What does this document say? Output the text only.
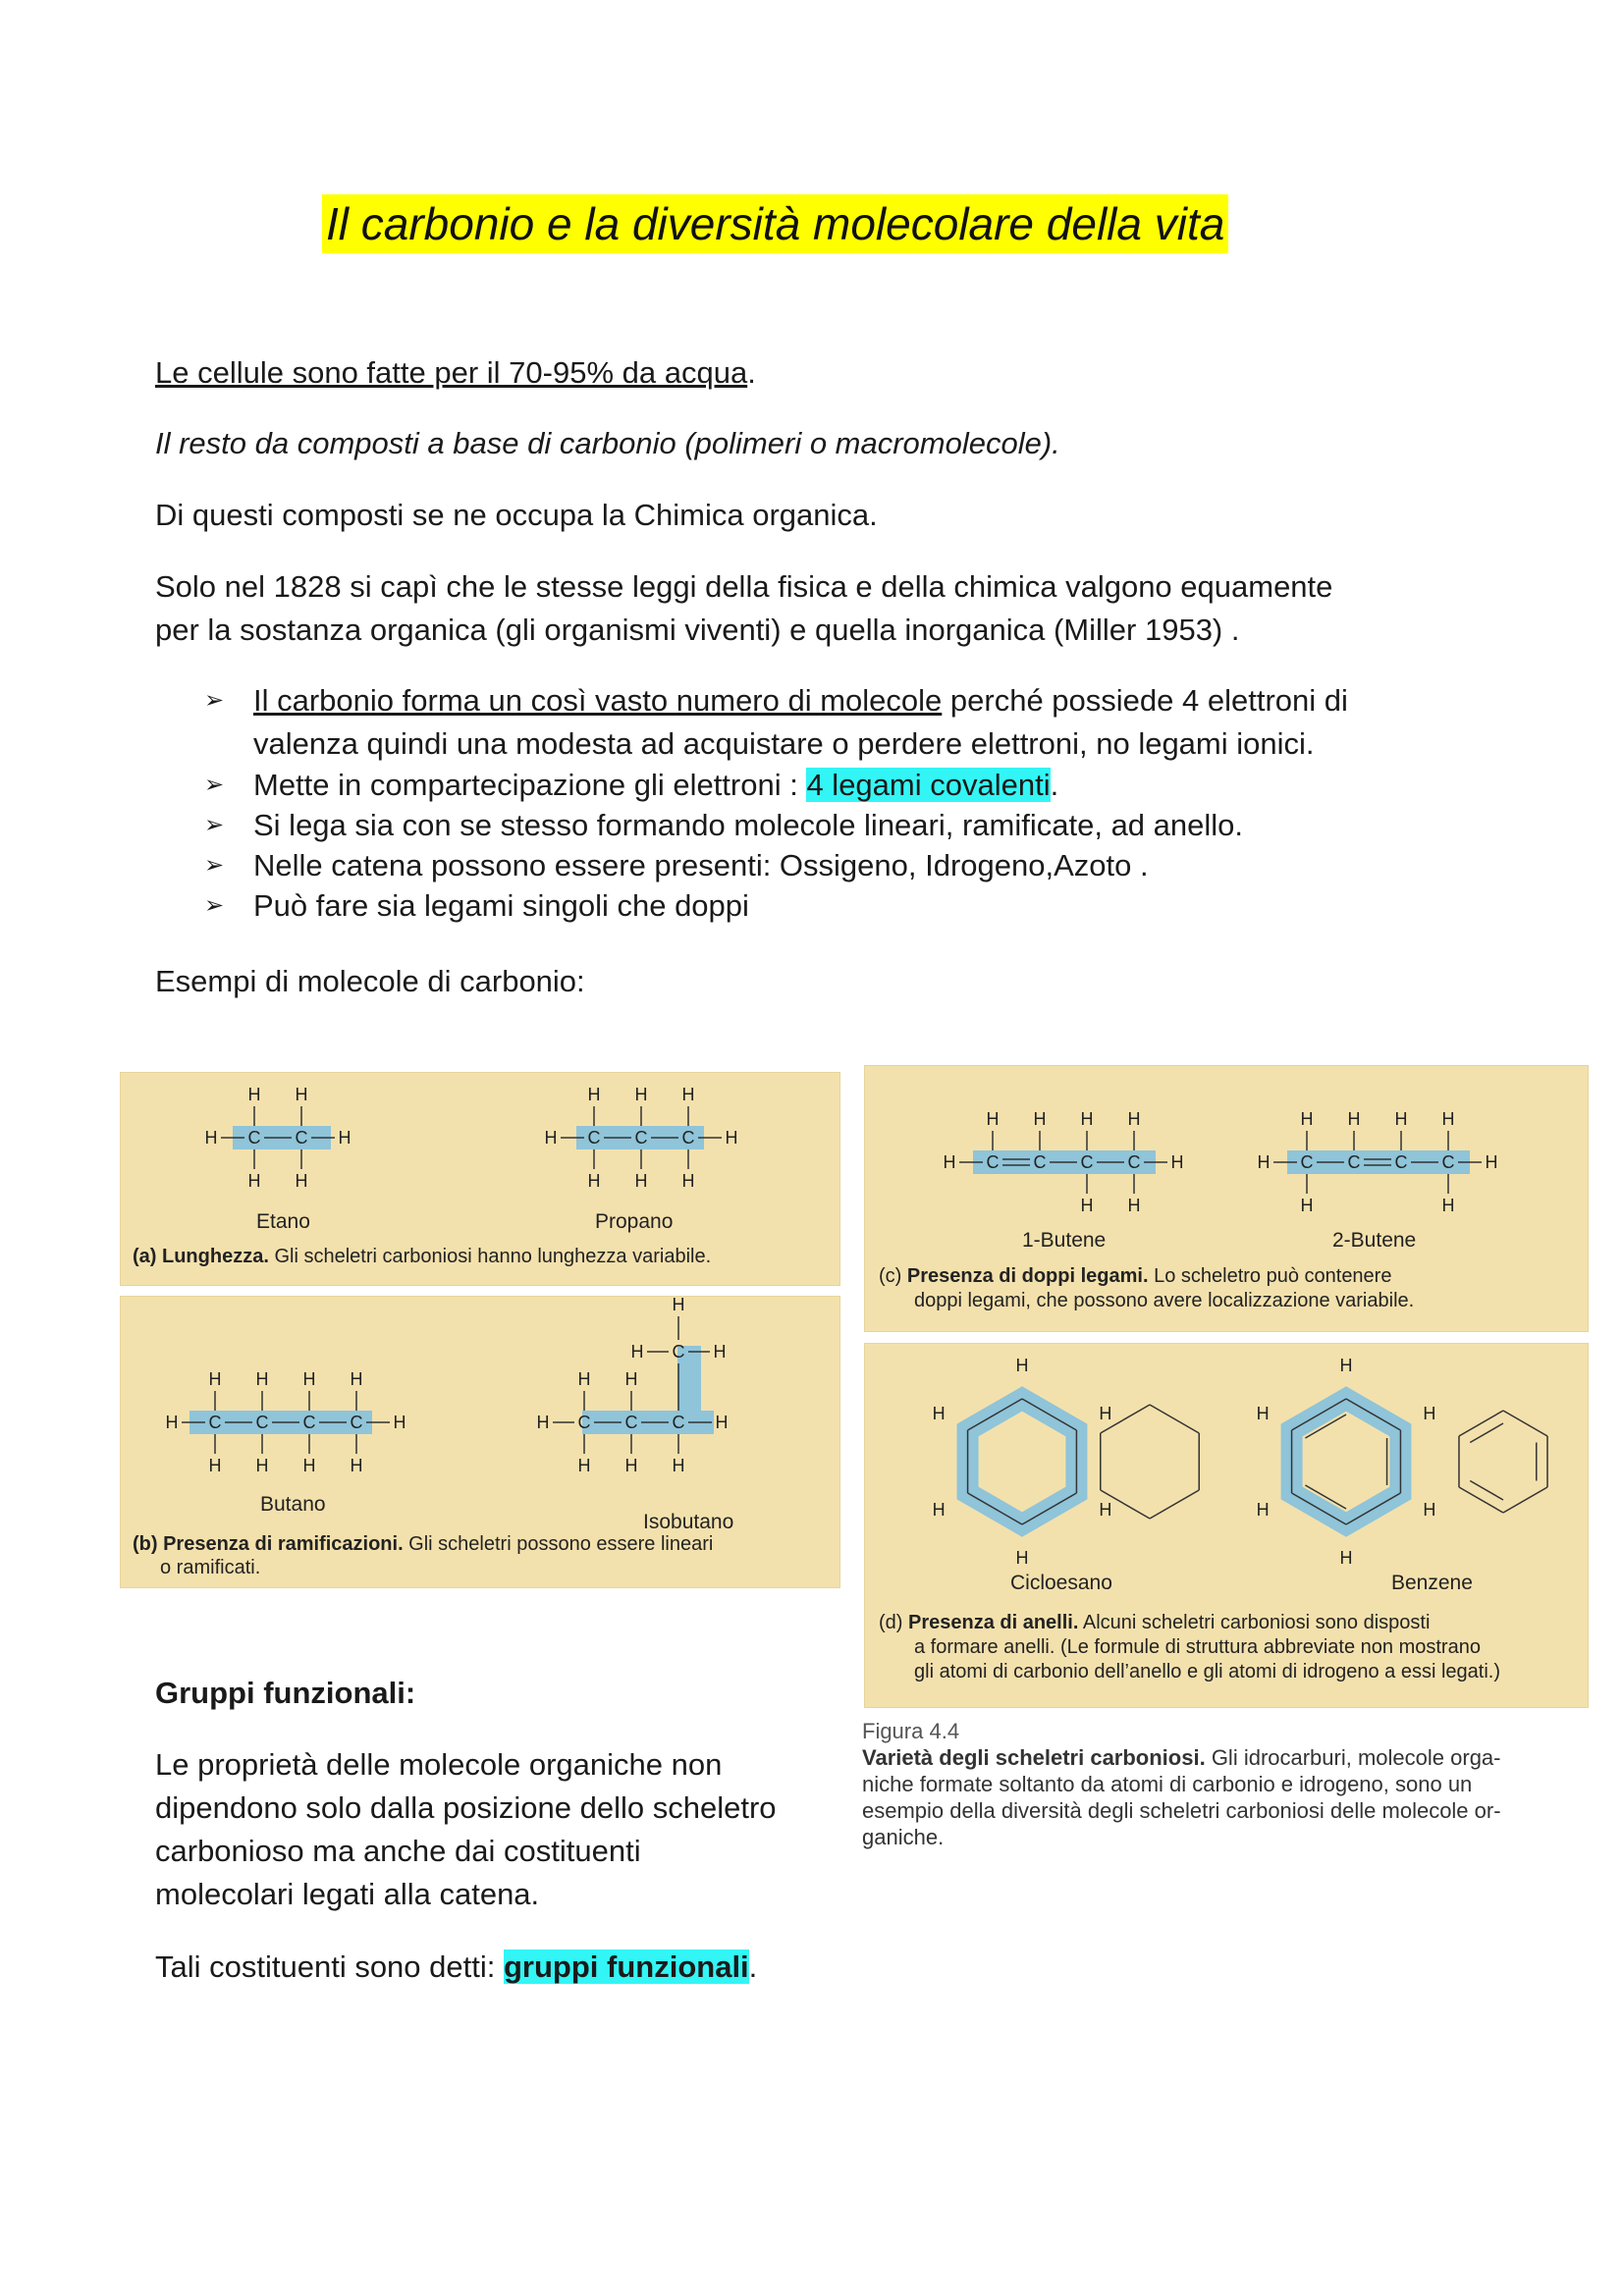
Il carbonio e la diversità molecolare della vita
Le cellule sono fatte per il 70-95% da acqua.
Il resto da composti a base di carbonio (polimeri o macromolecole).
Di questi composti se ne occupa la Chimica organica.
Solo nel 1828 si capì che le stesse leggi della fisica e della chimica valgono equamente
per la sostanza organica (gli organismi viventi) e quella inorganica (Miller 1953) .
➢ Il carbonio forma un così vasto numero di molecole perché possiede 4 elettroni di
valenza quindi una modesta ad acquistare o perdere elettroni, no legami ionici.
➢ Mette in compartecipazione gli elettroni : 4 legami covalenti.
➢ Si lega sia con se stesso formando molecole lineari, ramificate, ad anello.
➢ Nelle catena possono essere presenti: Ossigeno, Idrogeno,Azoto .
➢ Può fare sia legami singoli che doppi
Esempi di molecole di carbonio:
C
H
H
C
H
H
H	H	C
H
H
C
H
H
C
H
H
H	H
Etano	Propano
(a) Lunghezza. Gli scheletri carboniosi hanno lunghezza variabile.
C
H
H
C
H
H
C
H
H
C
H
H
H	H	C C C
H	H
H H
H H H
C
H
H	H
Butano
Isobutano
(b) Presenza di ramificazioni. Gli scheletri possono essere lineari
o ramificati.
C
H
C
H
C
H
H
C
H
H
H	H	C
H
H
C
H
C
H
C
H
H
H	H
1-Butene	2-Butene
(c) Presenza di doppi legami. Lo scheletro può contenere
doppi legami, che possono avere localizzazione variabile.
H
H
H
H
H
H
H
H
H
H
H
H
Cicloesano	Benzene
(d) Presenza di anelli. Alcuni scheletri carboniosi sono disposti
a formare anelli. (Le formule di struttura abbreviate non mostrano
gli atomi di carbonio dell’anello e gli atomi di idrogeno a essi legati.)
Figura 4.4
Varietà degli scheletri carboniosi. Gli idrocarburi, molecole orga-
niche formate soltanto da atomi di carbonio e idrogeno, sono un
esempio della diversità degli scheletri carboniosi delle molecole or-
ganiche.
Gruppi funzionali:
Le proprietà delle molecole organiche non
dipendono solo dalla posizione dello scheletro
carbonioso ma anche dai costituenti
molecolari legati alla catena.
Tali costituenti sono detti: gruppi funzionali.
